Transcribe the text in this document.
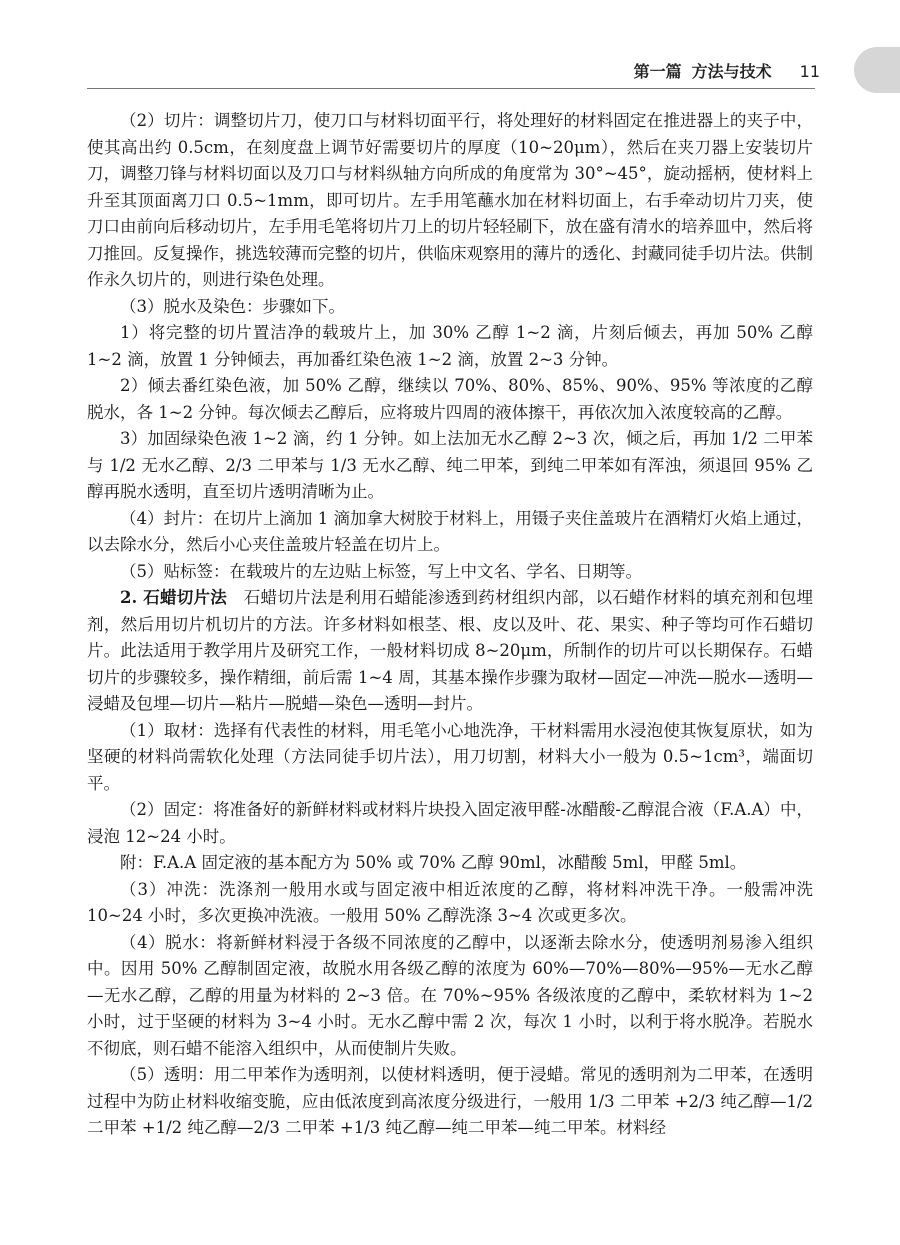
第一篇 方法与技术 11

（2）切片：调整切片刀，使刀口与材料切面平行，将处理好的材料固定在推进器上的夹子中，使其高出约 0.5cm，在刻度盘上调节好需要切片的厚度（10~20μm），然后在夹刀器上安装切片刀，调整刀锋与材料切面以及刀口与材料纵轴方向所成的角度常为 30°~45°，旋动摇柄，使材料上升至其顶面离刀口 0.5~1mm，即可切片。左手用笔蘸水加在材料切面上，右手牵动切片刀夹，使刀口由前向后移动切片，左手用毛笔将切片刀上的切片轻轻刷下，放在盛有清水的培养皿中，然后将刀推回。反复操作，挑选较薄而完整的切片，供临床观察用的薄片的透化、封藏同徒手切片法。供制作永久切片的，则进行染色处理。

（3）脱水及染色：步骤如下。

1）将完整的切片置洁净的载玻片上，加 30% 乙醇 1~2 滴，片刻后倾去，再加 50% 乙醇 1~2 滴，放置 1 分钟倾去，再加番红染色液 1~2 滴，放置 2~3 分钟。

2）倾去番红染色液，加 50% 乙醇，继续以 70%、80%、85%、90%、95% 等浓度的乙醇脱水，各 1~2 分钟。每次倾去乙醇后，应将玻片四周的液体擦干，再依次加入浓度较高的乙醇。

3）加固绿染色液 1~2 滴，约 1 分钟。如上法加无水乙醇 2~3 次，倾之后，再加 1/2 二甲苯与 1/2 无水乙醇、2/3 二甲苯与 1/3 无水乙醇、纯二甲苯，到纯二甲苯如有浑浊，须退回 95% 乙醇再脱水透明，直至切片透明清晰为止。

（4）封片：在切片上滴加 1 滴加拿大树胶于材料上，用镊子夹住盖玻片在酒精灯火焰上通过，以去除水分，然后小心夹住盖玻片轻盖在切片上。

（5）贴标签：在载玻片的左边贴上标签，写上中文名、学名、日期等。

2. 石蜡切片法　 石蜡切片法是利用石蜡能渗透到药材组织内部，以石蜡作材料的填充剂和包埋剂，然后用切片机切片的方法。许多材料如根茎、根、皮以及叶、花、果实、种子等均可作石蜡切片。此法适用于教学用片及研究工作，一般材料切成 8~20μm，所制作的切片可以长期保存。石蜡切片的步骤较多，操作精细，前后需 1~4 周，其基本操作步骤为取材—固定—冲洗—脱水—透明—浸蜡及包埋—切片—粘片—脱蜡—染色—透明—封片。

（1）取材：选择有代表性的材料，用毛笔小心地洗净，干材料需用水浸泡使其恢复原状，如为坚硬的材料尚需软化处理（方法同徒手切片法），用刀切割，材料大小一般为 0.5~1cm³，端面切平。

（2）固定：将准备好的新鲜材料或材料片块投入固定液甲醛-冰醋酸-乙醇混合液（F.A.A）中，浸泡 12~24 小时。

附：F.A.A 固定液的基本配方为 50% 或 70% 乙醇 90ml，冰醋酸 5ml，甲醛 5ml。

（3）冲洗：洗涤剂一般用水或与固定液中相近浓度的乙醇，将材料冲洗干净。一般需冲洗 10~24 小时，多次更换冲洗液。一般用 50% 乙醇洗涤 3~4 次或更多次。

（4）脱水：将新鲜材料浸于各级不同浓度的乙醇中，以逐渐去除水分，使透明剂易渗入组织中。因用 50% 乙醇制固定液，故脱水用各级乙醇的浓度为 60%—70%—80%—95%—无水乙醇—无水乙醇，乙醇的用量为材料的 2~3 倍。在 70%~95% 各级浓度的乙醇中，柔软材料为 1~2 小时，过于坚硬的材料为 3~4 小时。无水乙醇中需 2 次，每次 1 小时，以利于将水脱净。若脱水不彻底，则石蜡不能溶入组织中，从而使制片失败。

（5）透明：用二甲苯作为透明剂，以使材料透明，便于浸蜡。常见的透明剂为二甲苯，在透明过程中为防止材料收缩变脆，应由低浓度到高浓度分级进行，一般用 1/3 二甲苯 +2/3 纯乙醇—1/2 二甲苯 +1/2 纯乙醇—2/3 二甲苯 +1/3 纯乙醇—纯二甲苯—纯二甲苯。材料经
